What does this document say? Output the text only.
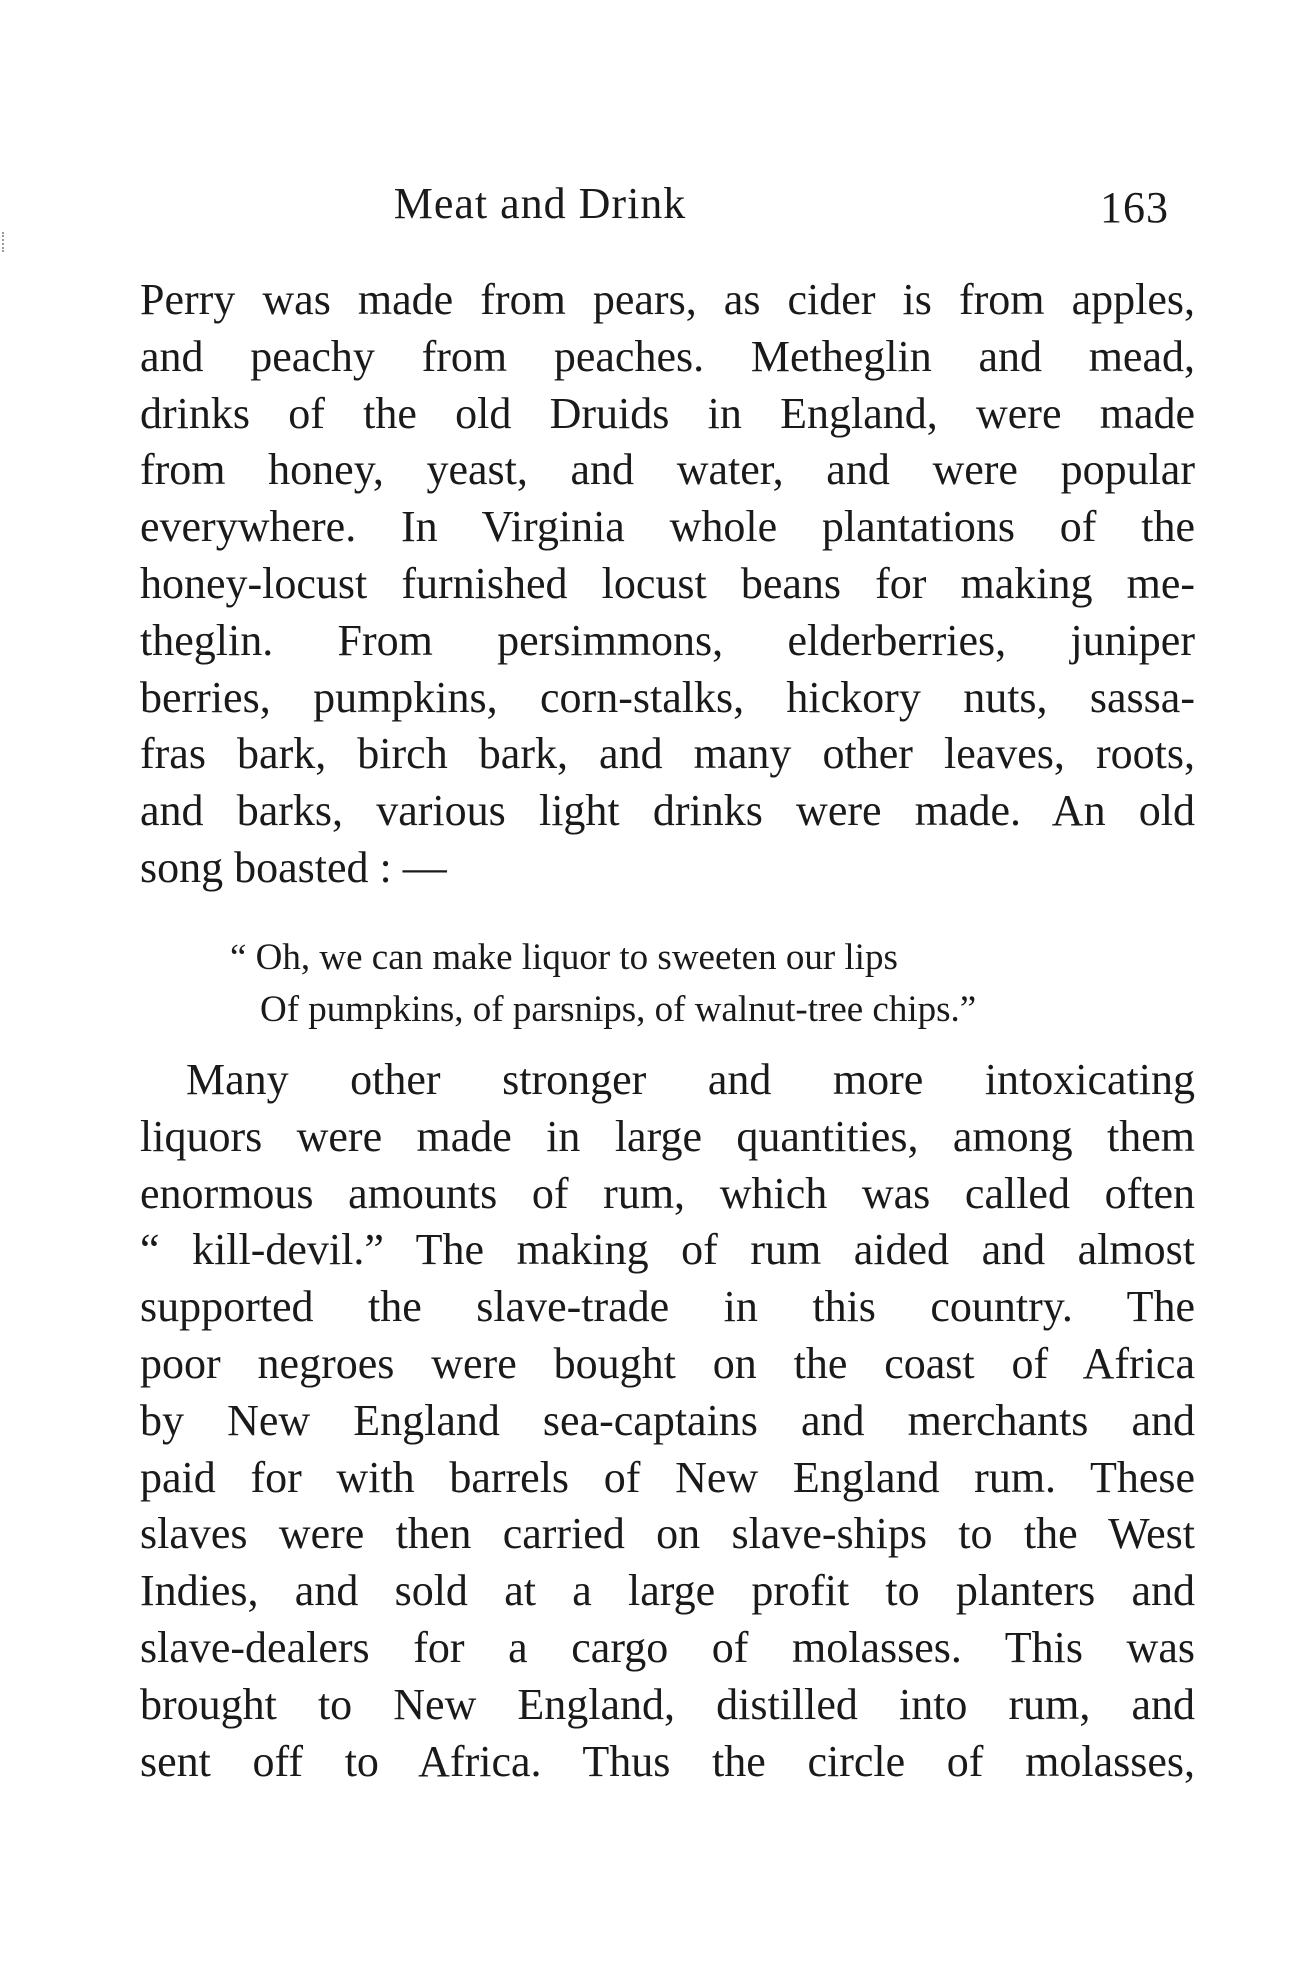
Meat and Drink	163
Perry was made from pears, as cider is from apples,
and peachy from peaches. Metheglin and mead,
drinks of the old Druids in England, were made
from honey, yeast, and water, and were popular
everywhere. In Virginia whole plantations of the
honey-locust furnished locust beans for making me-
theglin. From persimmons, elderberries, juniper
berries, pumpkins, corn-stalks, hickory nuts, sassa-
fras bark, birch bark, and many other leaves, roots,
and barks, various light drinks were made. An old
song boasted : —
“ Oh, we can make liquor to sweeten our lips
Of pumpkins, of parsnips, of walnut-tree chips.”
Many other stronger and more intoxicating
liquors were made in large quantities, among them
enormous amounts of rum, which was called often
“ kill-devil.” The making of rum aided and almost
supported the slave-trade in this country. The
poor negroes were bought on the coast of Africa
by New England sea-captains and merchants and
paid for with barrels of New England rum. These
slaves were then carried on slave-ships to the West
Indies, and sold at a large profit to planters and
slave-dealers for a cargo of molasses. This was
brought to New England, distilled into rum, and
sent off to Africa. Thus the circle of molasses,
